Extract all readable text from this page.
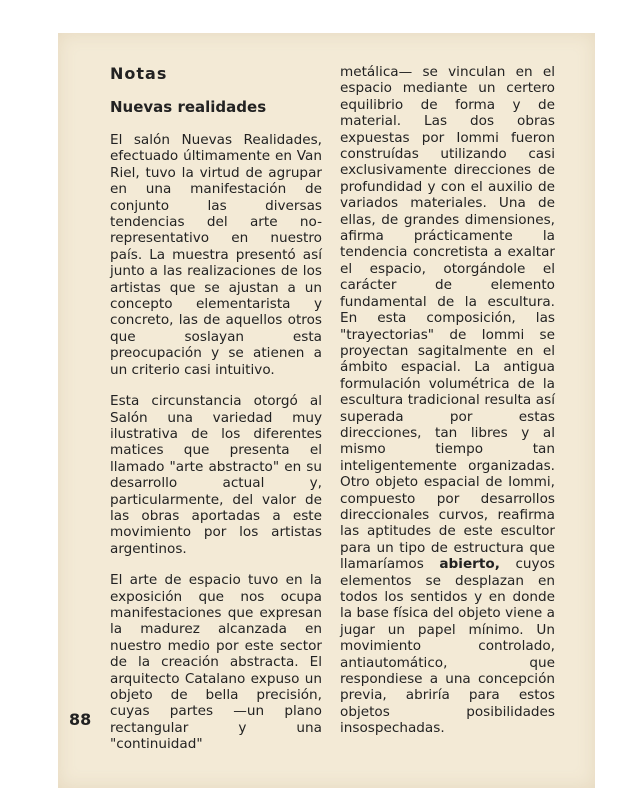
Notas
Nuevas realidades

El salón Nuevas Realidades, efectuado últimamente en Van Riel, tuvo la virtud de agrupar en una manifestación de conjunto las diversas tendencias del arte no-representativo en nuestro país. La muestra presentó así junto a las realizaciones de los artistas que se ajustan a un concepto elementarista y concreto, las de aquellos otros que soslayan esta preocupación y se atienen a un criterio casi intuitivo.

Esta circunstancia otorgó al Salón una variedad muy ilustrativa de los diferentes matices que presenta el llamado "arte abstracto" en su desarrollo actual y, particularmente, del valor de las obras aportadas a este movimiento por los artistas argentinos.

El arte de espacio tuvo en la exposición que nos ocupa manifestaciones que expresan la madurez alcanzada en nuestro medio por este sector de la creación abstracta. El arquitecto Catalano expuso un objeto de bella precisión, cuyas partes —un plano rectangular y una "continuidad"

metálica— se vinculan en el espacio mediante un certero equilibrio de forma y de material. Las dos obras expuestas por Iommi fueron construídas utilizando casi exclusivamente direcciones de profundidad y con el auxilio de variados materiales. Una de ellas, de grandes dimensiones, afirma prácticamente la tendencia concretista a exaltar el espacio, otorgándole el carácter de elemento fundamental de la escultura. En esta composición, las "trayectorias" de Iommi se proyectan sagitalmente en el ámbito espacial. La antigua formulación volumétrica de la escultura tradicional resulta así superada por estas direcciones, tan libres y al mismo tiempo tan inteligentemente organizadas. Otro objeto espacial de Iommi, compuesto por desarrollos direccionales curvos, reafirma las aptitudes de este escultor para un tipo de estructura que llamaríamos abierto, cuyos elementos se desplazan en todos los sentidos y en donde la base física del objeto viene a jugar un papel mínimo. Un movimiento controlado, antiautomático, que respondiese a una concepción previa, abriría para estos objetos posibilidades insospechadas.

88
